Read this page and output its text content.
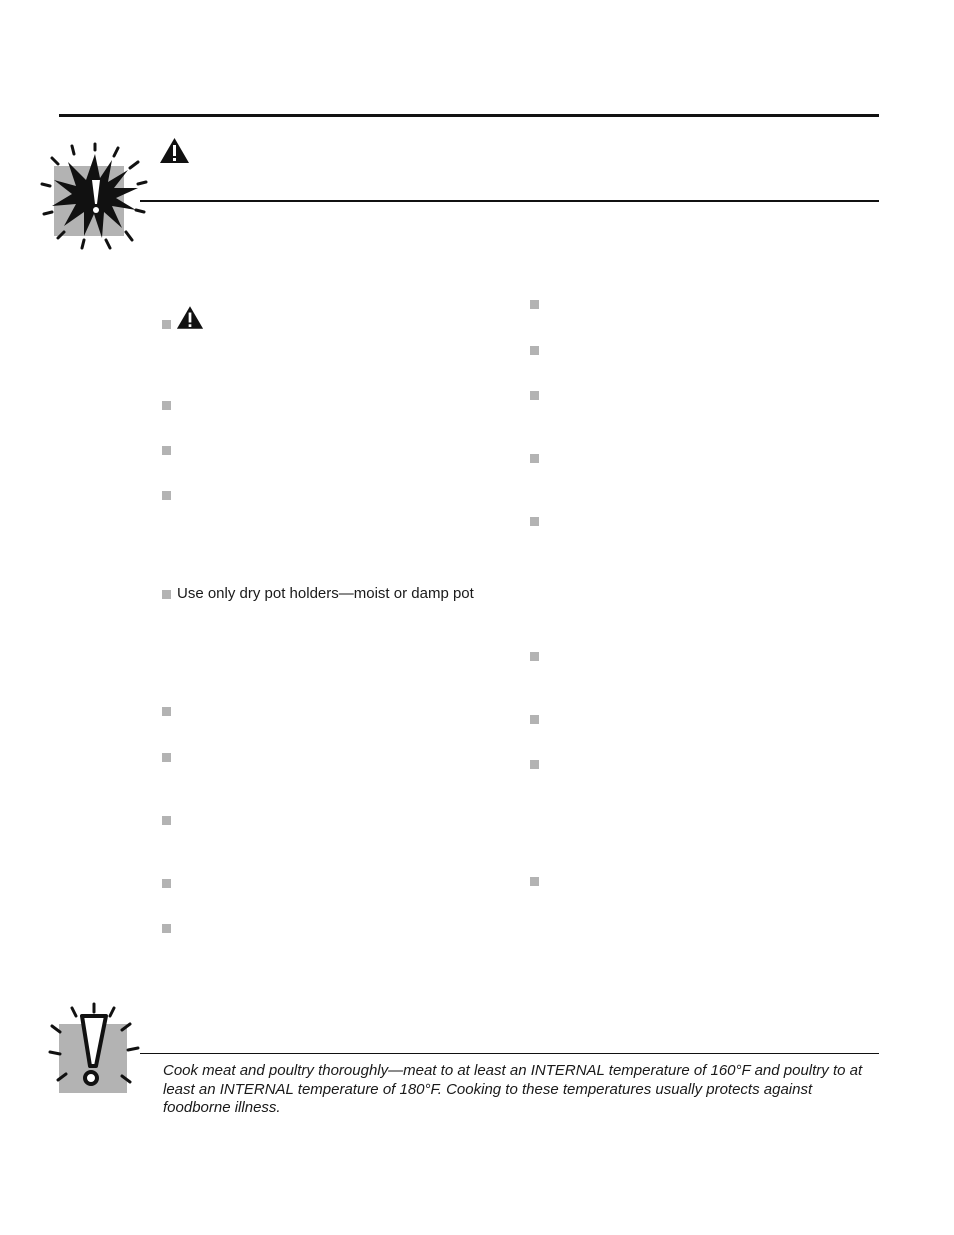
Use only dry pot holders—moist or damp pot
Cook meat and poultry thoroughly—meat to at least an INTERNAL temperature of 160°F and poultry to at least an INTERNAL temperature of 180°F. Cooking to these temperatures usually protects against foodborne illness.
